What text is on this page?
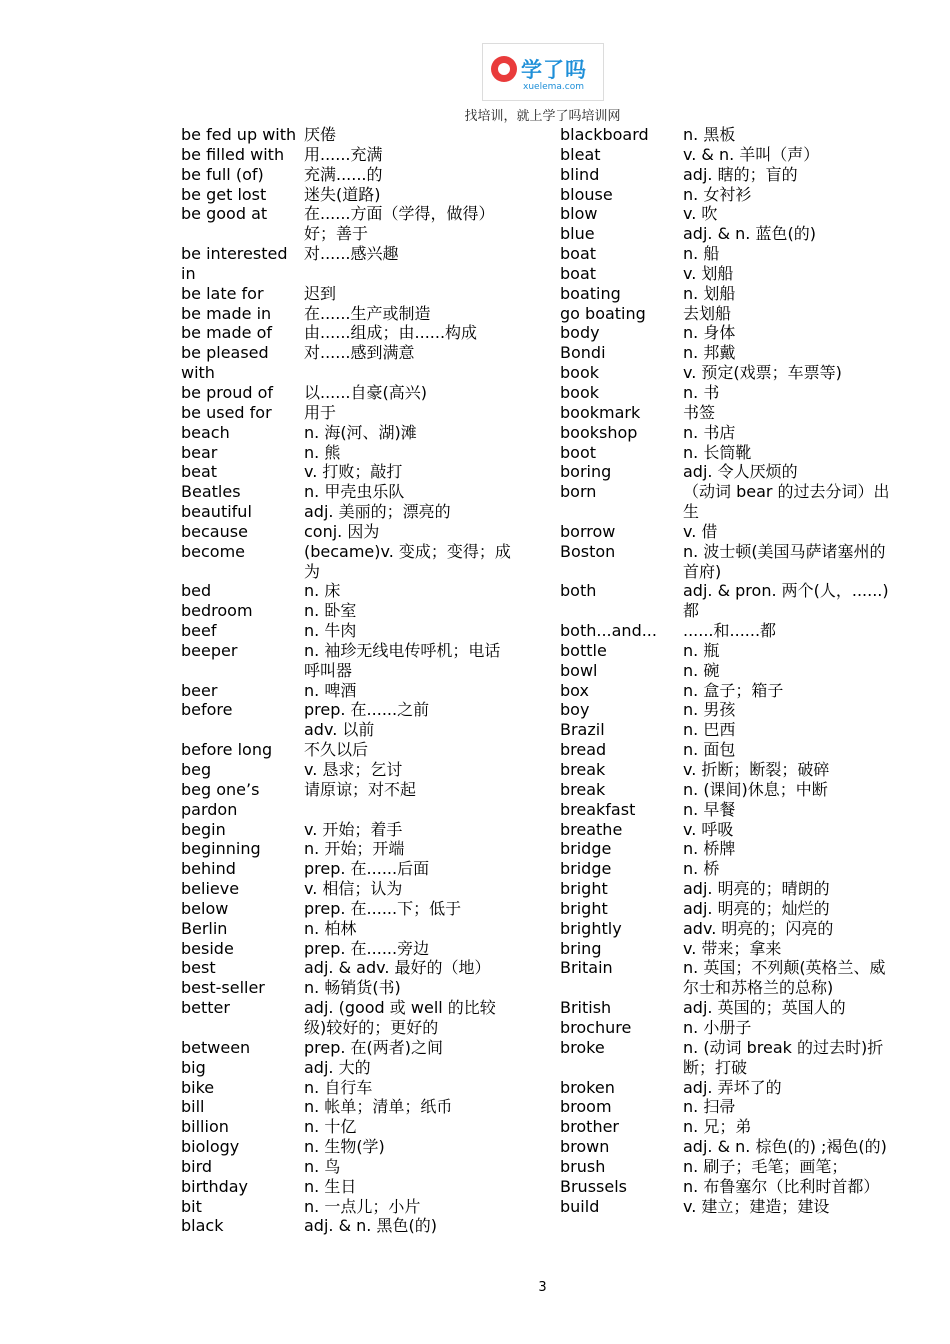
学了吗
xuelema.com
找培训，就上学了吗培训网
be fed up with 厌倦
be filled with	用......充满
be full (of)	充满......的
be get lost	迷失(道路)
be good at	在......方面（学得，做得）好；善于
be interested in
对......感兴趣
be late for	迟到
be made in	在......生产或制造
be made of	由......组成；由......构成
be pleased with
对......感到满意
be proud of	以......自豪(高兴)
be used for	用于
beach	n. 海(河、湖)滩
bear	n. 熊
beat	v. 打败；敲打
Beatles	n. 甲壳虫乐队
beautiful	adj. 美丽的；漂亮的
because	conj. 因为
become	(became)v. 变成；变得；成为
bed	n. 床
bedroom	n. 卧室
beef	n. 牛肉
beeper	n. 袖珍无线电传呼机；电话呼叫器
beer	n. 啤酒
before	prep. 在......之前
adv. 以前
before long	不久以后
beg	v. 恳求；乞讨
beg one’s pardon
请原谅；对不起
begin	v. 开始；着手
beginning	n. 开始；开端
behind	prep. 在......后面
believe	v. 相信；认为
below	prep. 在......下；低于
Berlin	n. 柏林
beside	prep. 在......旁边
best	adj. & adv. 最好的（地）
best-seller	n. 畅销货(书)
better	adj. (good 或 well 的比较级)较好的；更好的
between	prep. 在(两者)之间
big	adj. 大的
bike	n. 自行车
bill	n. 帐单；清单；纸币
billion	n. 十亿
biology	n. 生物(学)
bird	n. 鸟
birthday	n. 生日
bit	n. 一点儿；小片
black	adj. & n. 黑色(的)
blackboard	n. 黑板
bleat	v. & n. 羊叫（声）
blind	adj. 瞎的；盲的
blouse	n. 女衬衫
blow	v. 吹
blue	adj. & n. 蓝色(的)
boat	n. 船
boat	v. 划船
boating	n. 划船
go boating	去划船
body	n. 身体
Bondi	n. 邦戴
book	v. 预定(戏票；车票等)
book	n. 书
bookmark	书签
bookshop	n. 书店
boot	n. 长筒靴
boring	adj. 令人厌烦的
born	（动词 bear 的过去分词）出生
borrow	v. 借
Boston	n. 波士顿(美国马萨诸塞州的首府)
both	adj. & pron. 两个(人，......)都
both...and...	......和......都
bottle	n. 瓶
bowl	n. 碗
box	n. 盒子；箱子
boy	n. 男孩
Brazil	n. 巴西
bread	n. 面包
break	v. 折断；断裂；破碎
break	n. (课间)休息；中断
breakfast	n. 早餐
breathe	v. 呼吸
bridge	n. 桥牌
bridge	n. 桥
bright	adj. 明亮的；晴朗的
bright	adj. 明亮的；灿烂的
brightly	adv. 明亮的；闪亮的
bring	v. 带来；拿来
Britain	n. 英国；不列颠(英格兰、威尔士和苏格兰的总称)
British	adj. 英国的；英国人的
brochure	n. 小册子
broke	n. (动词 break 的过去时)折断；打破
broken	adj. 弄坏了的
broom	n. 扫帚
brother	n. 兄；弟
brown	adj. & n. 棕色(的) ;褐色(的)
brush	n. 刷子；毛笔；画笔；
Brussels	n. 布鲁塞尔（比利时首都）
build	v. 建立；建造；建设
3
